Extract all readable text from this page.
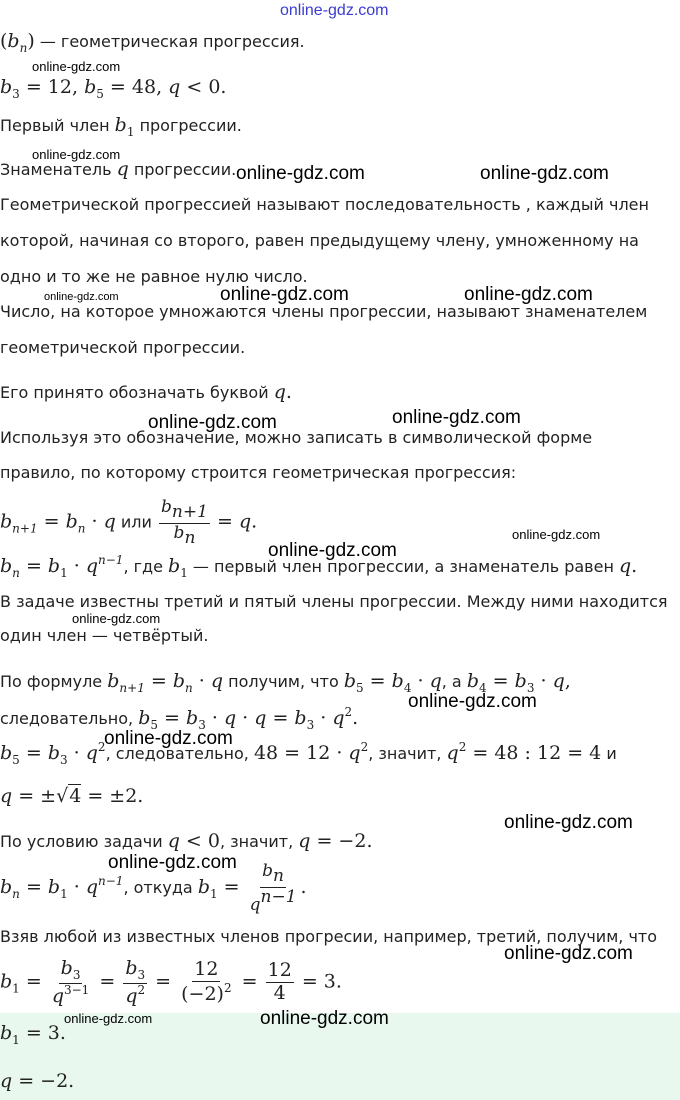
$(b_n)$ — геометрическая прогрессия.
$b_3 = 12$, $b_5 = 48$, q < 0.
Первый член $b_1$ прогрессии.
Знаменатель q прогрессии.
Геометрической прогрессией называют последовательность , каждый член
которой, начиная со второго, равен предыдущему члену, умноженному на
одно и то же не равное нулю число.
Число, на которое умножаются члены прогрессии, называют знаменателем
геометрической прогрессии.
Его принято обозначать буквой q.
Используя это обозначение, можно записать в символической форме
правило, по которому строится геометрическая прогрессия:
$b_{n+1} = b_n \cdot q$ или $\frac{bn+1}{bn} = q$.
$b_n = b_1 \cdot q^{n-1}$, где $b_1$ — первый член прогрессии, а знаменатель равен q.
В задаче известны третий и пятый члены прогрессии. Между ними находится
один член — четвёртый.
По формуле $b_{n+1} = b_n \cdot q$ получим, что $b_5 = b_4 \cdot q$, а $b_4 = b_3 \cdot q$,
следовательно, $b_5 = b_3 \cdot q \cdot q = b_3 \cdot q^2$.
$b_5 = b_3 \cdot q^2$, следовательно, $48 = 12 \cdot q^2$, значит, $q^2 = 48$ : 12 = 4 и
q = ±√4 = ±2.
По условию задачи q < 0, значит, q = −2.
$b_n = b_1 \cdot q^{n-1}$, откуда $b_1 = \frac{bn}{qn-1}$ .
Взяв любой из известных членов прогресии, например, третий, получим, что
$b_1 = \frac{b_3}{q^{3-1}} = \frac{b_3}{q^2} = \frac{12}{(-2)^2} = \frac{12}{4} = 3$.
$b_1 = 3$.
q = −2.
online-gdz.com
online-gdz.com
online-gdz.com
online-gdz.com	online-gdz.com
online-gdz.com	online-gdz.com	online-gdz.com
online-gdz.com	online-gdz.com
online-gdz.com
online-gdz.com
online-gdz.com
online-gdz.com
online-gdz.com
online-gdz.com
online-gdz.com
online-gdz.com
online-gdz.com	online-gdz.com
